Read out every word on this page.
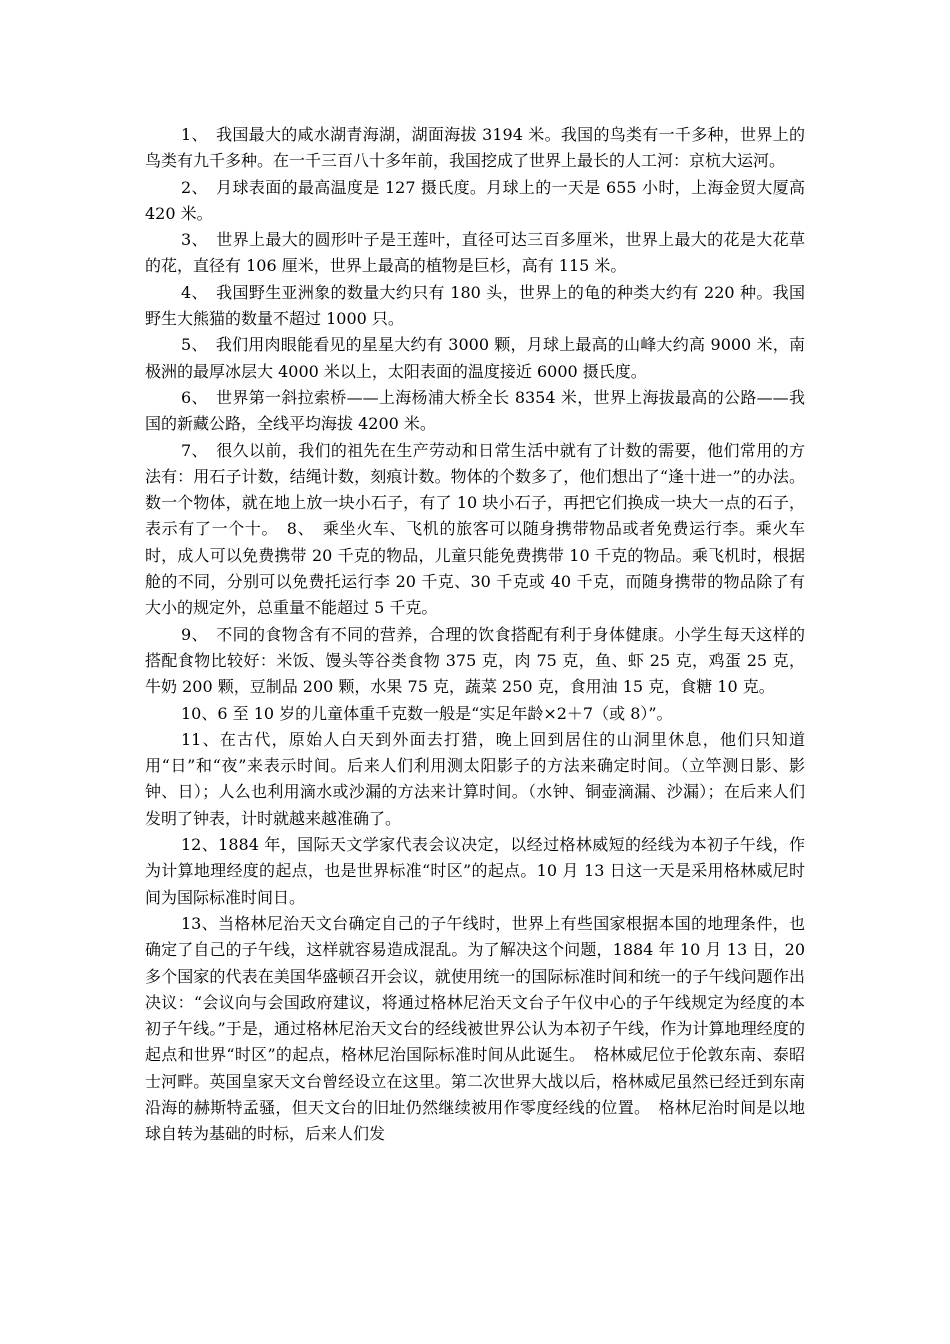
1、　我国最大的咸水湖青海湖，湖面海拔 3194 米。我国的鸟类有一千多种，世界上的鸟类有九千多种。在一千三百八十多年前，我国挖成了世界上最长的人工河：京杭大运河。

2、　月球表面的最高温度是 127 摄氏度。月球上的一天是 655 小时，上海金贸大厦高 420 米。

3、　世界上最大的圆形叶子是王莲叶，直径可达三百多厘米，世界上最大的花是大花草的花，直径有 106 厘米，世界上最高的植物是巨杉，高有 115 米。

4、　我国野生亚洲象的数量大约只有 180 头，世界上的龟的种类大约有 220 种。我国野生大熊猫的数量不超过 1000 只。

5、　我们用肉眼能看见的星星大约有 3000 颗，月球上最高的山峰大约高 9000 米，南极洲的最厚冰层大 4000 米以上，太阳表面的温度接近 6000 摄氏度。

6、　世界第一斜拉索桥——上海杨浦大桥全长 8354 米，世界上海拔最高的公路——我国的新藏公路，全线平均海拔 4200 米。

7、　很久以前，我们的祖先在生产劳动和日常生活中就有了计数的需要，他们常用的方法有：用石子计数，结绳计数，刻痕计数。物体的个数多了，他们想出了“逢十进一”的办法。数一个物体，就在地上放一块小石子，有了 10 块小石子，再把它们换成一块大一点的石子，表示有了一个十。　8、　乘坐火车、飞机的旅客可以随身携带物品或者免费运行李。乘火车时，成人可以免费携带 20 千克的物品，儿童只能免费携带 10 千克的物品。乘飞机时，根据舱的不同，分别可以免费托运行李 20 千克、30 千克或 40 千克，而随身携带的物品除了有大小的规定外，总重量不能超过 5 千克。

9、　不同的食物含有不同的营养，合理的饮食搭配有利于身体健康。小学生每天这样的搭配食物比较好：米饭、馒头等谷类食物 375 克，肉 75 克，鱼、虾 25 克，鸡蛋 25 克，牛奶 200 颗，豆制品 200 颗，水果 75 克，蔬菜 250 克，食用油 15 克，食糖 10 克。

10、6 至 10 岁的儿童体重千克数一般是“实足年龄×2＋7（或 8）”。

11、在古代，原始人白天到外面去打猎，晚上回到居住的山洞里休息，他们只知道用“日”和“夜”来表示时间。后来人们利用测太阳影子的方法来确定时间。（立竿测日影、影钟、日）；人么也利用滴水或沙漏的方法来计算时间。（水钟、铜壶滴漏、沙漏）；在后来人们发明了钟表，计时就越来越准确了。

12、1884 年，国际天文学家代表会议决定，以经过格林威短的经线为本初子午线，作为计算地理经度的起点，也是世界标准“时区”的起点。10 月 13 日这一天是采用格林威尼时间为国际标准时间日。

13、当格林尼治天文台确定自己的子午线时，世界上有些国家根据本国的地理条件，也确定了自己的子午线，这样就容易造成混乱。为了解决这个问题，1884 年 10 月 13 日，20 多个国家的代表在美国华盛顿召开会议，就使用统一的国际标准时间和统一的子午线问题作出决议：“会议向与会国政府建议，将通过格林尼治天文台子午仪中心的子午线规定为经度的本初子午线。”于是，通过格林尼治天文台的经线被世界公认为本初子午线，作为计算地理经度的起点和世界“时区”的起点，格林尼治国际标准时间从此诞生。　格林威尼位于伦敦东南、泰昭士河畔。英国皇家天文台曾经设立在这里。第二次世界大战以后，格林威尼虽然已经迁到东南沿海的赫斯特孟骚，但天文台的旧址仍然继续被用作零度经线的位置。　格林尼治时间是以地球自转为基础的时标，后来人们发
